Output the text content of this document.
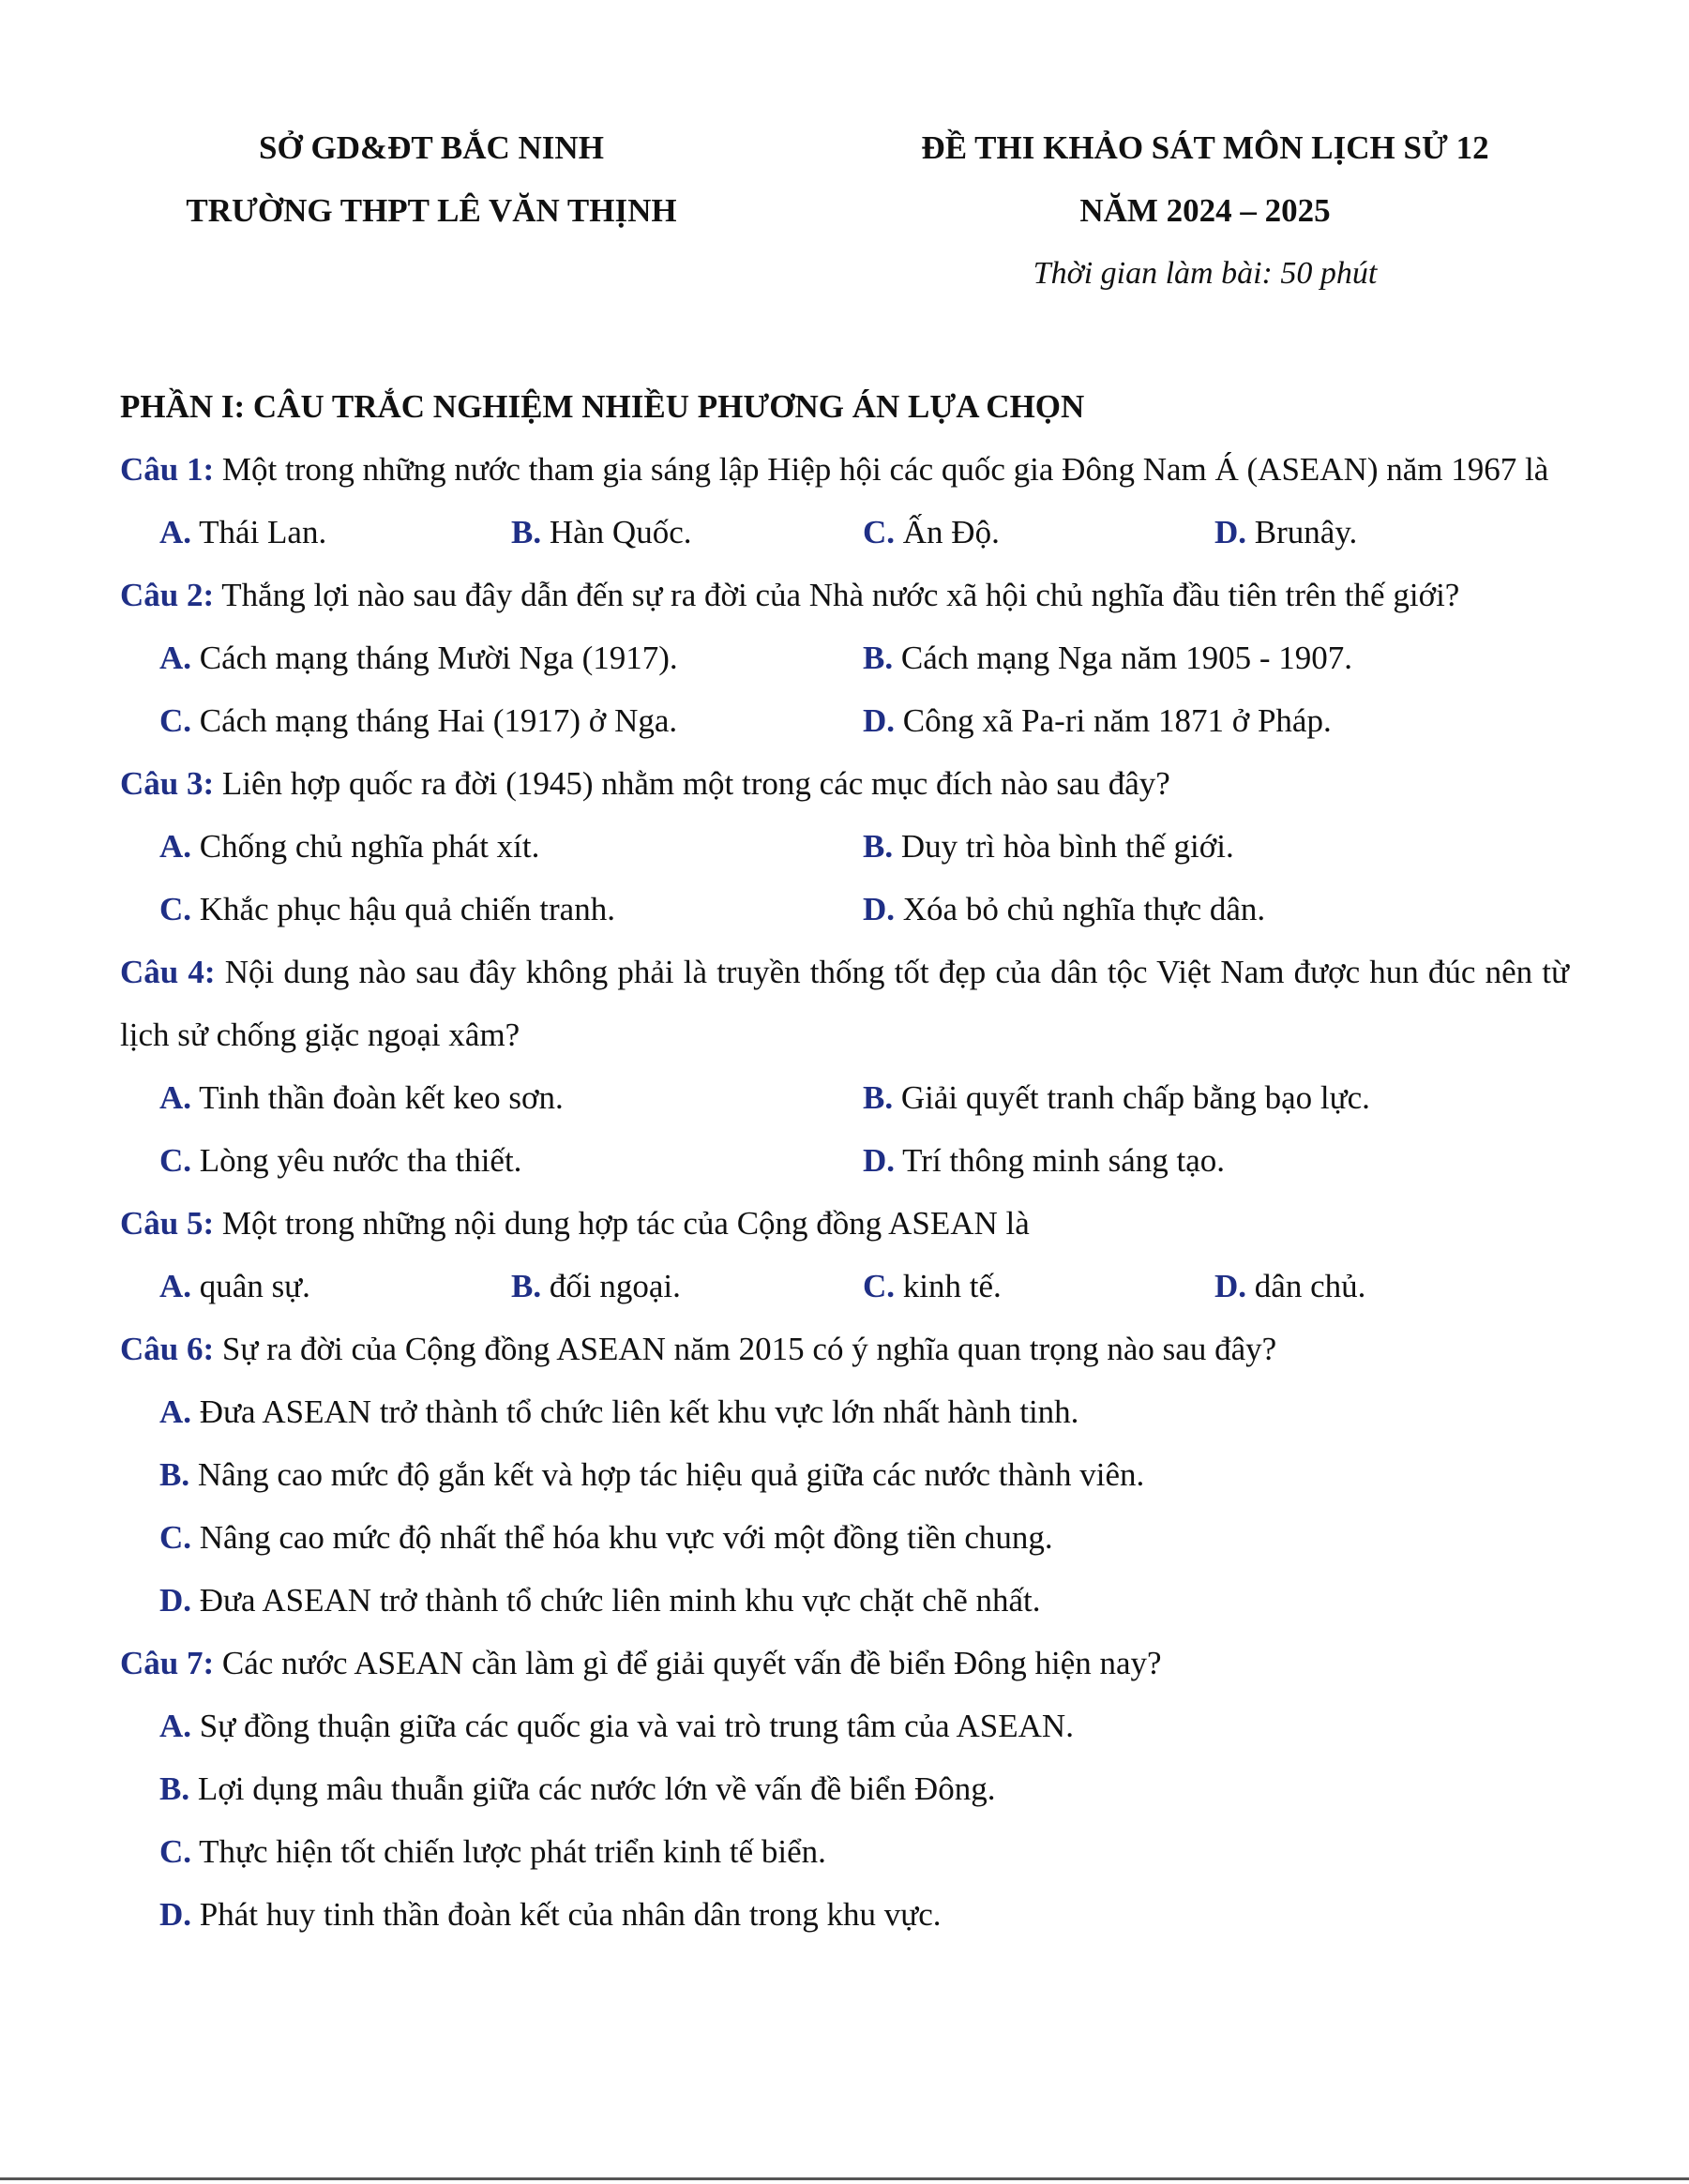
SỞ GD&ĐT BẮC NINH
TRƯỜNG THPT LÊ VĂN THỊNH
ĐỀ THI KHẢO SÁT MÔN LỊCH SỬ 12
NĂM 2024 – 2025
Thời gian làm bài: 50 phút

PHẦN I: CÂU TRẮC NGHIỆM NHIỀU PHƯƠNG ÁN LỰA CHỌN

Câu 1: Một trong những nước tham gia sáng lập Hiệp hội các quốc gia Đông Nam Á (ASEAN) năm 1967 là

A. Thái Lan.	B. Hàn Quốc.	C. Ấn Độ.	D. Brunây.

Câu 2: Thắng lợi nào sau đây dẫn đến sự ra đời của Nhà nước xã hội chủ nghĩa đầu tiên trên thế giới?

A. Cách mạng tháng Mười Nga (1917).	B. Cách mạng Nga năm 1905 - 1907.
C. Cách mạng tháng Hai (1917) ở Nga.	D. Công xã Pa-ri năm 1871 ở Pháp.

Câu 3: Liên hợp quốc ra đời (1945) nhằm một trong các mục đích nào sau đây?

A. Chống chủ nghĩa phát xít.	B. Duy trì hòa bình thế giới.
C. Khắc phục hậu quả chiến tranh.	D. Xóa bỏ chủ nghĩa thực dân.

Câu 4: Nội dung nào sau đây không phải là truyền thống tốt đẹp của dân tộc Việt Nam được hun đúc nên từ lịch sử chống giặc ngoại xâm?

A. Tinh thần đoàn kết keo sơn.	B. Giải quyết tranh chấp bằng bạo lực.
C. Lòng yêu nước tha thiết.	D. Trí thông minh sáng tạo.

Câu 5: Một trong những nội dung hợp tác của Cộng đồng ASEAN là

A. quân sự.	B. đối ngoại.	C. kinh tế.	D. dân chủ.

Câu 6: Sự ra đời của Cộng đồng ASEAN năm 2015 có ý nghĩa quan trọng nào sau đây?

A. Đưa ASEAN trở thành tổ chức liên kết khu vực lớn nhất hành tinh.
B. Nâng cao mức độ gắn kết và hợp tác hiệu quả giữa các nước thành viên.
C. Nâng cao mức độ nhất thể hóa khu vực với một đồng tiền chung.
D. Đưa ASEAN trở thành tổ chức liên minh khu vực chặt chẽ nhất.

Câu 7: Các nước ASEAN cần làm gì để giải quyết vấn đề biển Đông hiện nay?

A. Sự đồng thuận giữa các quốc gia và vai trò trung tâm của ASEAN.
B. Lợi dụng mâu thuẫn giữa các nước lớn về vấn đề biển Đông.
C. Thực hiện tốt chiến lược phát triển kinh tế biển.
D. Phát huy tinh thần đoàn kết của nhân dân trong khu vực.
